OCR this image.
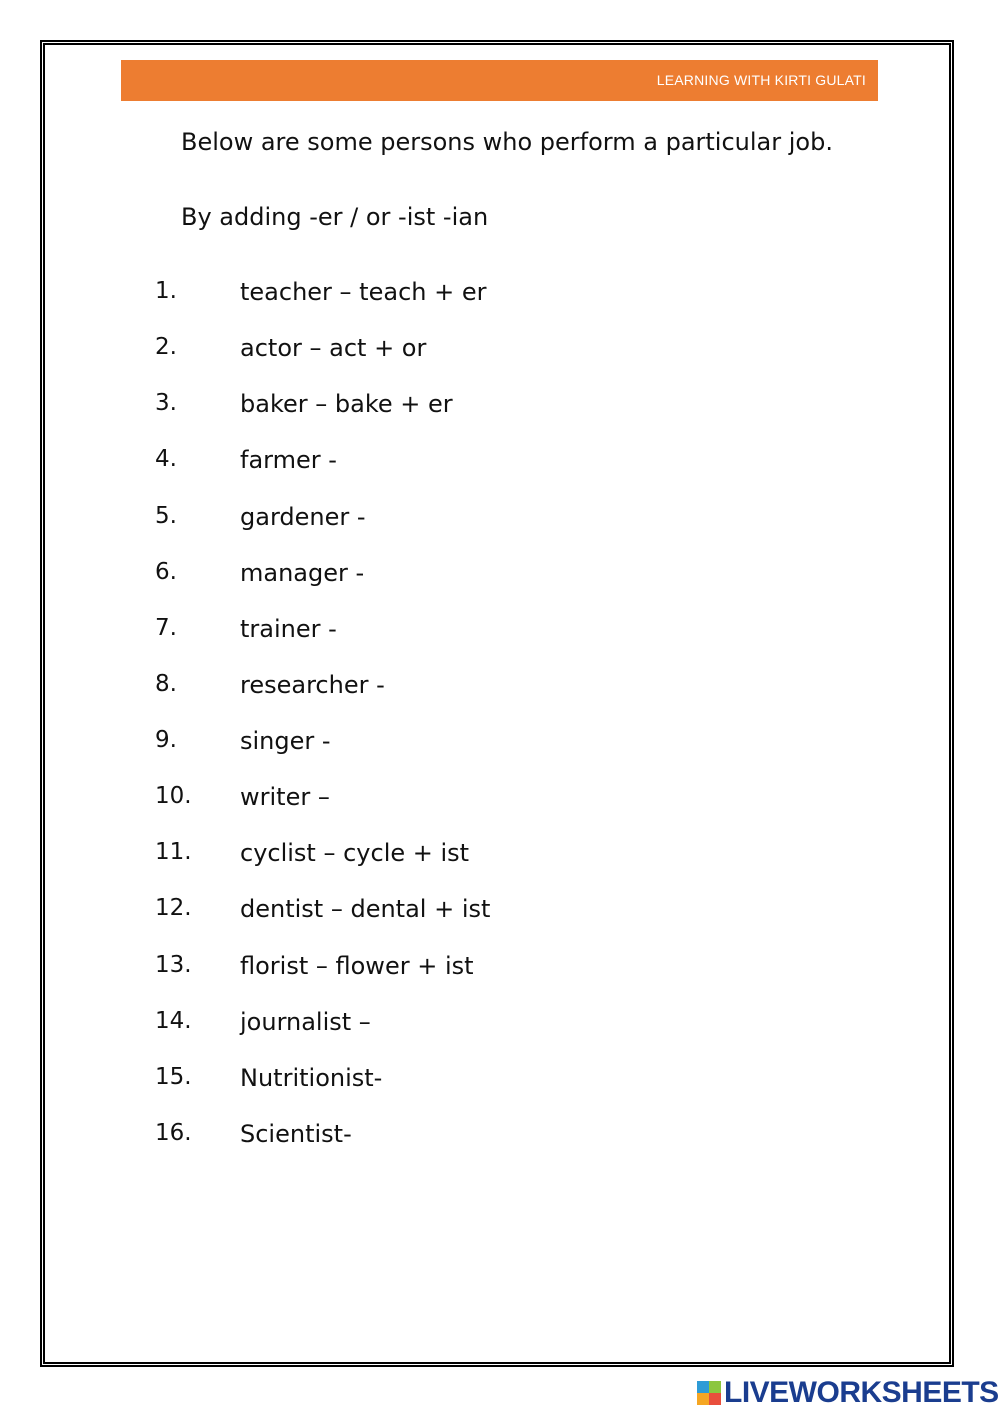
LEARNING WITH KIRTI GULATI
Below are some persons who perform a particular job.
By adding -er / or -ist -ian
1.	teacher – teach + er
2.	actor – act + or
3.	baker – bake + er
4.	farmer -
5.	gardener -
6.	manager -
7.	trainer -
8.	researcher -
9.	singer -
10. writer –
11. cyclist – cycle + ist
12. dentist – dental + ist
13. florist – flower + ist
14. journalist –
15. Nutritionist-
16. Scientist-
LIVEWORKSHEETS
